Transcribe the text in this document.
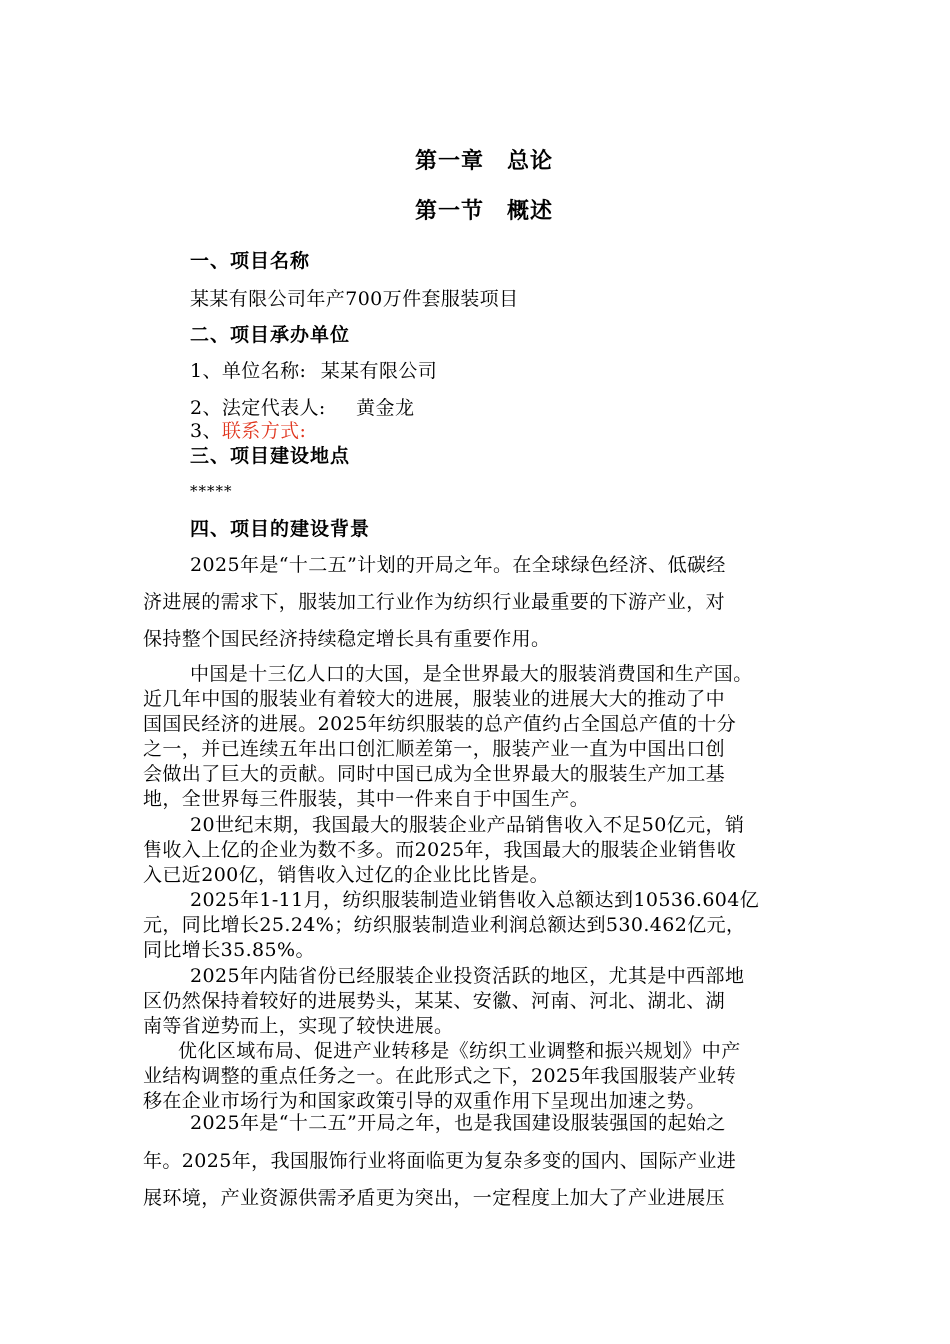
第一章　总论
第一节　概述
一、项目名称
某某有限公司年产700万件套服装项目
二、项目承办单位
1、单位名称: 某某有限公司
2、法定代表人: 黄金龙
3、联系方式:
三、项目建设地点
*****
四、项目的建设背景
2025年是“十二五”计划的开局之年。在全球绿色经济、低碳经
济进展的需求下，服装加工行业作为纺织行业最重要的下游产业，对
保持整个国民经济持续稳定增长具有重要作用。
中国是十三亿人口的大国，是全世界最大的服装消费国和生产国。
近几年中国的服装业有着较大的进展，服装业的进展大大的推动了中
国国民经济的进展。2025年纺织服装的总产值约占全国总产值的十分
之一，并已连续五年出口创汇顺差第一，服装产业一直为中国出口创
会做出了巨大的贡献。同时中国已成为全世界最大的服装生产加工基
地，全世界每三件服装，其中一件来自于中国生产。
20世纪末期，我国最大的服装企业产品销售收入不足50亿元，销
售收入上亿的企业为数不多。而2025年，我国最大的服装企业销售收
入已近200亿，销售收入过亿的企业比比皆是。
2025年1-11月，纺织服装制造业销售收入总额达到10536.604亿
元，同比增长25.24%；纺织服装制造业利润总额达到530.462亿元，
同比增长35.85%。
2025年内陆省份已经服装企业投资活跃的地区，尤其是中西部地
区仍然保持着较好的进展势头，某某、安徽、河南、河北、湖北、湖
南等省逆势而上，实现了较快进展。
优化区域布局、促进产业转移是《纺织工业调整和振兴规划》中产
业结构调整的重点任务之一。在此形式之下，2025年我国服装产业转
移在企业市场行为和国家政策引导的双重作用下呈现出加速之势。
2025年是“十二五”开局之年，也是我国建设服装强国的起始之
年。2025年，我国服饰行业将面临更为复杂多变的国内、国际产业进
展环境，产业资源供需矛盾更为突出，一定程度上加大了产业进展压
